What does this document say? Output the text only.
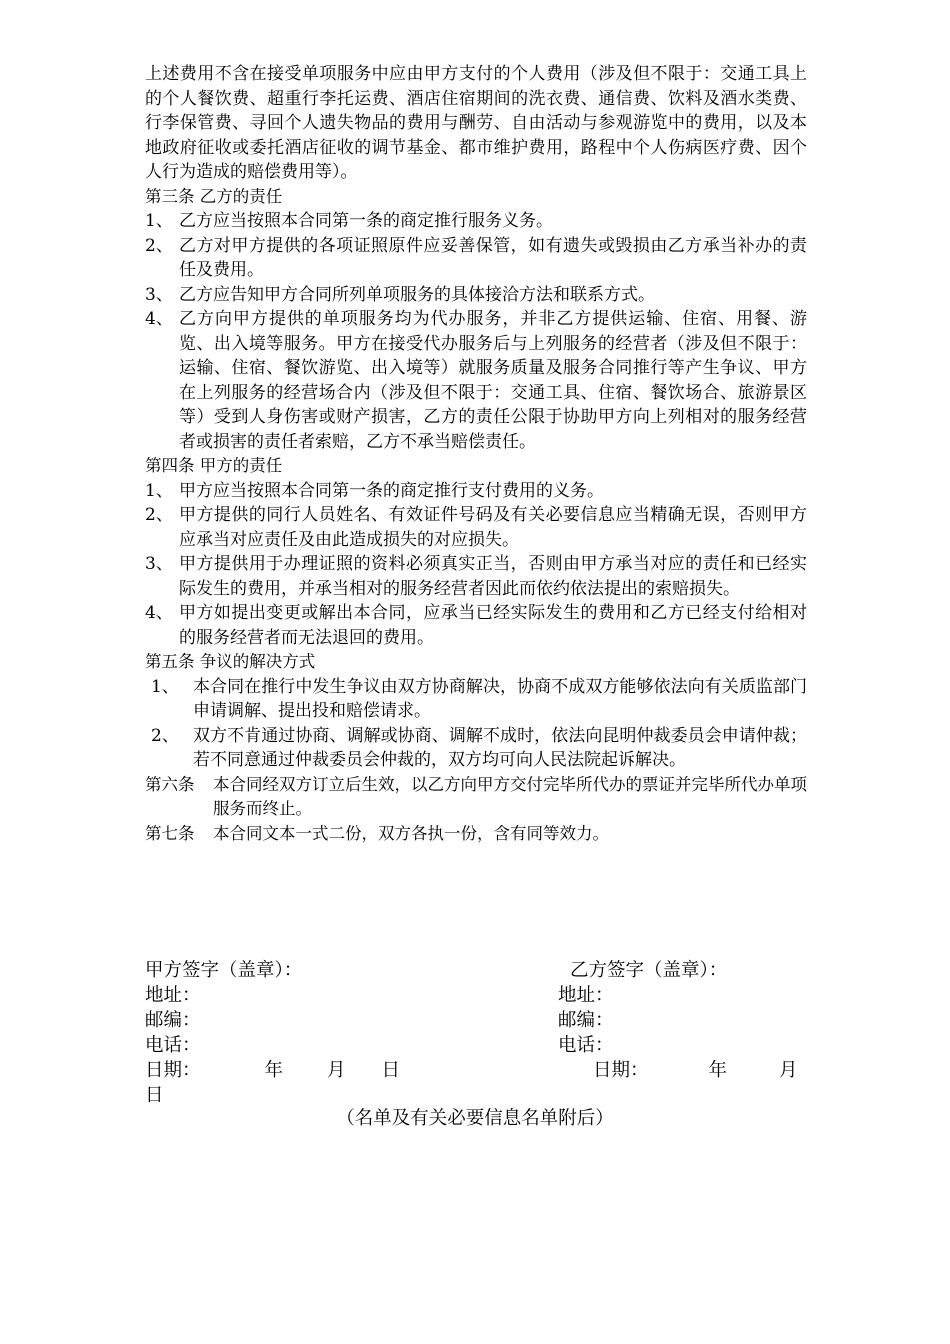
上述费用不含在接受单项服务中应由甲方支付的个人费用（涉及但不限于：交通工具上的个人餐饮费、超重行李托运费、酒店住宿期间的洗衣费、通信费、饮料及酒水类费、行李保管费、寻回个人遗失物品的费用与酬劳、自由活动与参观游览中的费用，以及本地政府征收或委托酒店征收的调节基金、都市维护费用，路程中个人伤病医疗费、因个人行为造成的赔偿费用等）。

第三条 乙方的责任

1、 乙方应当按照本合同第一条的商定推行服务义务。
2、 乙方对甲方提供的各项证照原件应妥善保管，如有遗失或毁损由乙方承当补办的责任及费用。
3、 乙方应告知甲方合同所列单项服务的具体接洽方法和联系方式。
4、 乙方向甲方提供的单项服务均为代办服务，并非乙方提供运输、住宿、用餐、游览、出入境等服务。甲方在接受代办服务后与上列服务的经营者（涉及但不限于：运输、住宿、餐饮游览、出入境等）就服务质量及服务合同推行等产生争议、甲方在上列服务的经营场合内（涉及但不限于：交通工具、住宿、餐饮场合、旅游景区等）受到人身伤害或财产损害，乙方的责任公限于协助甲方向上列相对的服务经营者或损害的责任者索赔，乙方不承当赔偿责任。

第四条 甲方的责任

1、 甲方应当按照本合同第一条的商定推行支付费用的义务。
2、 甲方提供的同行人员姓名、有效证件号码及有关必要信息应当精确无误，否则甲方应承当对应责任及由此造成损失的对应损失。
3、 甲方提供用于办理证照的资料必须真实正当，否则由甲方承当对应的责任和已经实际发生的费用，并承当相对的服务经营者因此而依约依法提出的索赔损失。
4、 甲方如提出变更或解出本合同，应承当已经实际发生的费用和乙方已经支付给相对的服务经营者而无法退回的费用。

第五条 争议的解决方式

1、 本合同在推行中发生争议由双方协商解决，协商不成双方能够依法向有关质监部门申请调解、提出投和赔偿请求。
2、 双方不肯通过协商、调解或协商、调解不成时，依法向昆明仲裁委员会申请仲裁；若不同意通过仲裁委员会仲裁的，双方均可向人民法院起诉解决。
第六条	本合同经双方订立后生效，以乙方向甲方交付完毕所代办的票证并完毕所代办单项服务而终止。
第七条	本合同文本一式二份，双方各执一份，含有同等效力。
甲方签字（盖章）：	乙方签字（盖章）：
地址：	地址：
邮编：	邮编：
电话：	电话：
日期：	年 月 日	日期：	年	月
日
（名单及有关必要信息名单附后）
